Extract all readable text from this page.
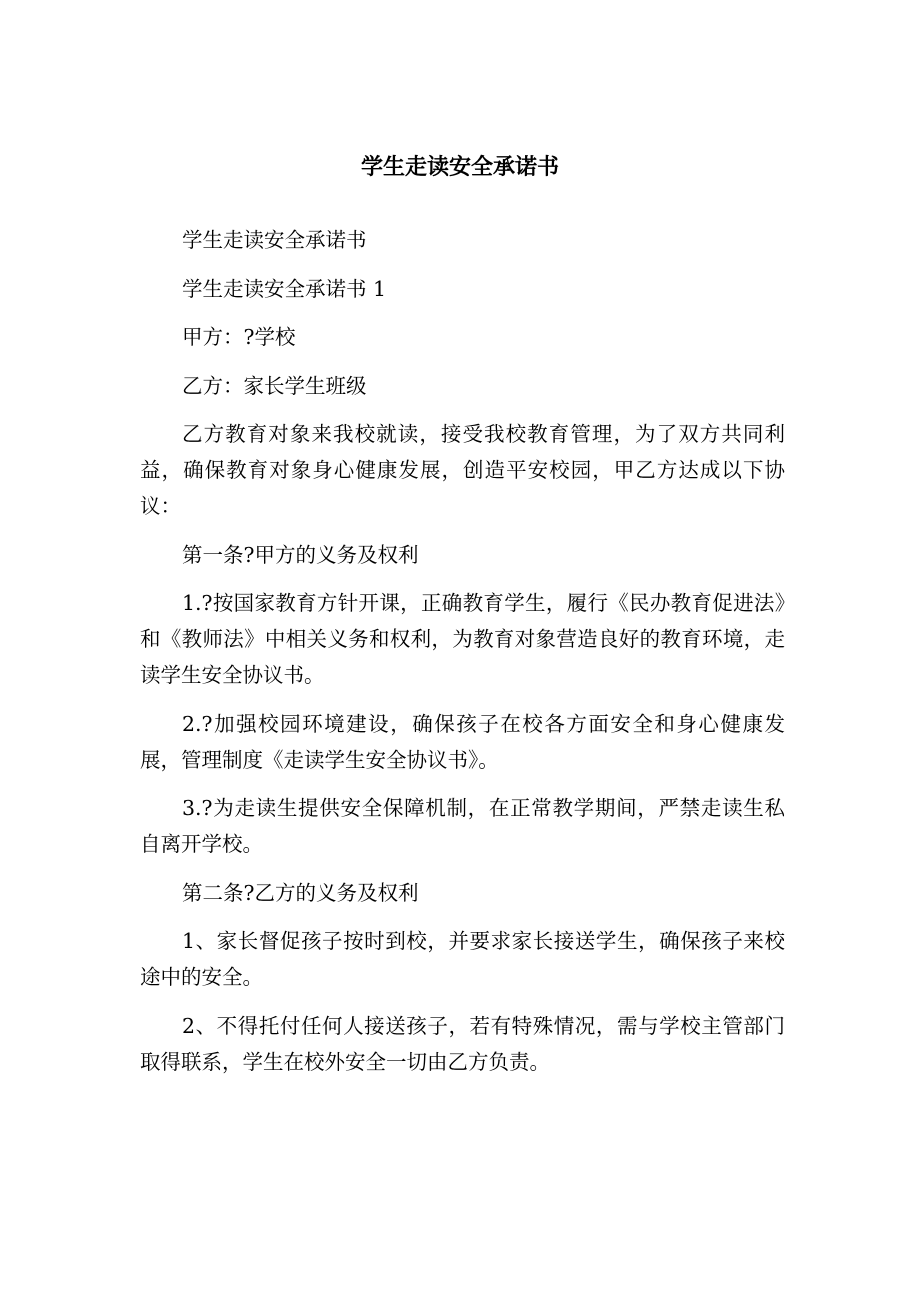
学生走读安全承诺书

学生走读安全承诺书

学生走读安全承诺书 1

甲方：?学校

乙方：家长学生班级

乙方教育对象来我校就读，接受我校教育管理，为了双方共同利益，确保教育对象身心健康发展，创造平安校园，甲乙方达成以下协议：

第一条?甲方的义务及权利

1.?按国家教育方针开课，正确教育学生，履行《民办教育促进法》和《教师法》中相关义务和权利，为教育对象营造良好的教育环境，走读学生安全协议书。

2.?加强校园环境建设，确保孩子在校各方面安全和身心健康发展，管理制度《走读学生安全协议书》。

3.?为走读生提供安全保障机制，在正常教学期间，严禁走读生私自离开学校。

第二条?乙方的义务及权利

1、家长督促孩子按时到校，并要求家长接送学生，确保孩子来校途中的安全。

2、不得托付任何人接送孩子，若有特殊情况，需与学校主管部门取得联系，学生在校外安全一切由乙方负责。
